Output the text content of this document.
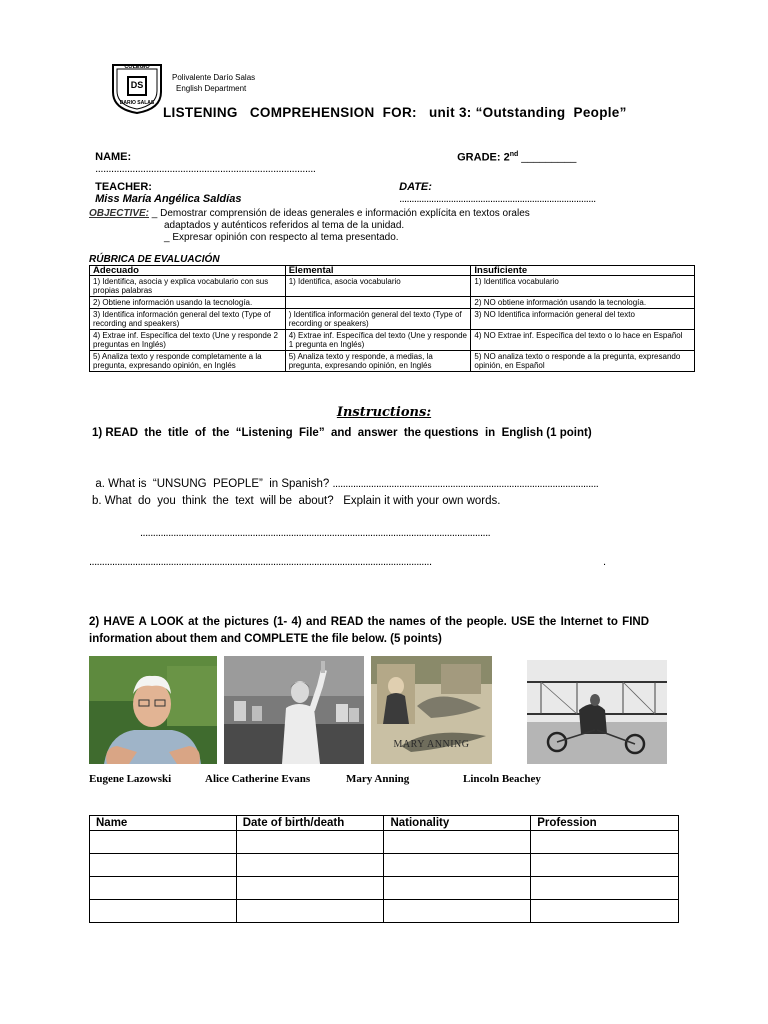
COLEGIO
DS
DARIO SALAS
Polivalente Darío Salas
English Department
LISTENING   COMPREHENSION  FOR:   unit 3: “Outstanding  People”

NAME:
...................................................................................

GRADE: 2nd _________

TEACHER:
Miss María Angélica Saldías

DATE:
................................................................................

OBJECTIVE: _ Demostrar comprensión de ideas generales e información explícita en textos orales
adaptados y auténticos referidos al tema de la unidad.
_ Expresar opinión con respecto al tema presentado.
RÚBRICA DE EVALUACIÓN
Adecuado	Elemental	Insuficiente
1) Identifica, asocia y explica vocabulario con sus propias palabras	1) Identifica, asocia vocabulario	1) Identifica vocabulario
2) Obtiene información usando la tecnología.		2) NO obtiene información usando la tecnología.
3) Identifica información general del texto (Type of recording and speakers)	) Identifica información general del texto (Type of recording or speakers)	3) NO Identifica información general del texto
4) Extrae inf. Específica del texto (Une y responde 2 preguntas en Inglés)	4) Extrae inf. Específica del texto (Une y responde 1 pregunta en Inglés)	4) NO Extrae inf. Específica del texto o lo hace en Español
5) Analiza texto y responde completamente a la pregunta, expresando opinión, en Inglés	5) Analiza texto y responde, a medias, la pregunta, expresando opinión, en Inglés	5) NO analiza texto o responde a la pregunta, expresando opinión, en Español
Instructions:
1) READ  the  title  of  the  “Listening  File”  and  answer  the questions  in  English (1 point)

a. What is  “UNSUNG  PEOPLE”  in Spanish? ........................................................................................................

b. What  do  you  think  the  text  will be  about?   Explain it with your own words.
.........................................................................................................................................
......................................................................................................................................	.
2) HAVE A LOOK at the pictures (1- 4) and READ the names of the people. USE the Internet to FIND information about them and COMPLETE the file below. (5 points)
MARY ANNING
Eugene Lazowski	Alice Catherine Evans	Mary Anning	Lincoln Beachey
Name	Date of birth/death	Nationality	Profession
